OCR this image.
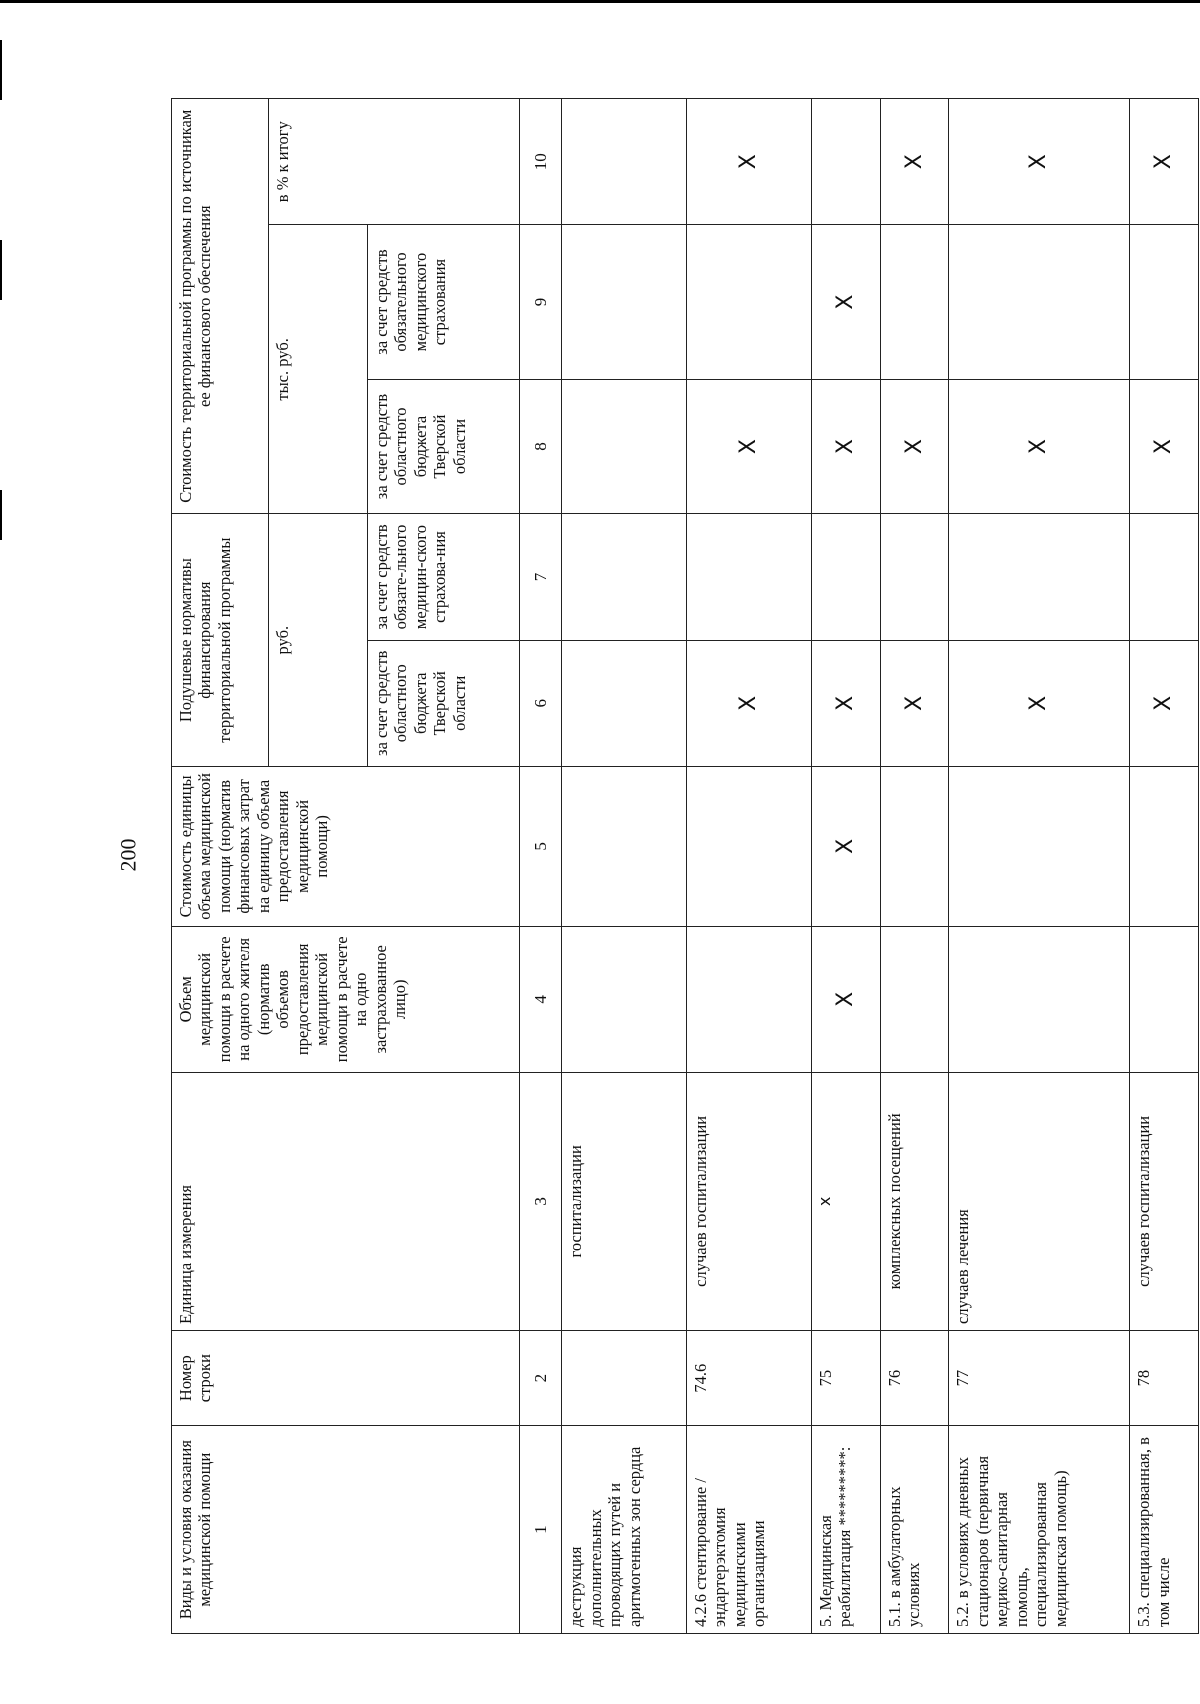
200
Виды и условия оказания медицинской помощи	Номер строки	Единица измерения	Объем медицинской помощи в расчете на одного жителя (норматив объемов предоставления медицинской помощи в расчете на одно застрахованное лицо)	Стоимость единицы объема медицинской помощи (норматив финансовых затрат на единицу объема предоставления медицинской помощи)	Подушевые нормативы финансирования территориальной программы		Стоимость территориальной программы по источникам ее финансового обеспечения		
					руб.		тыс. руб.		в % к итогу
					за счет средств областного бюджета Тверской области	за счет средств обязате-льного медицин-ского страхова-ния	за счет средств областного бюджета Тверской области	за счет средств обязательного медицинского страхования	
1	2	3	4	5	6	7	8	9	10
деструкция дополнительных проводящих путей и аритмогенных зон сердца		госпитализации							
4.2.6 стентирование / эндартерэктомия медицинскими организациями	74.6	случаев госпитализации			Х		Х		Х
5. Медицинская реабилитация *********:	75	х	Х	Х	Х		Х	Х	
5.1. в амбулаторных условиях	76	комплексных посещений			Х		Х		Х
5.2. в условиях дневных стационаров (первичная медико-санитарная помощь, специализированная медицинская помощь)	77	случаев лечения			Х		Х		Х
5.3. специализированная, в том числе	78	случаев госпитализации			Х		Х		Х
